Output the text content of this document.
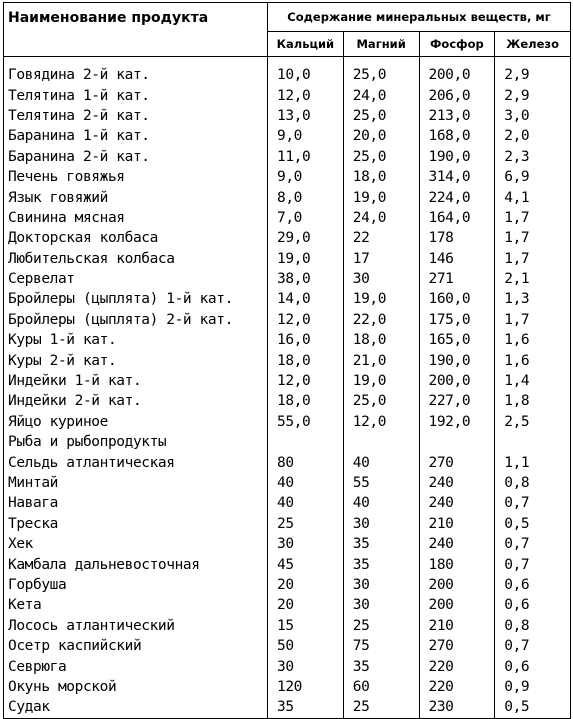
Наименование продукта	Содержание минеральных веществ, мг			
	Кальций	Магний	Фосфор	Железо
Говядина 2-й кат.	10,0	25,0	200,0	2,9
Телятина 1-й кат.	12,0	24,0	206,0	2,9
Телятина 2-й кат.	13,0	25,0	213,0	3,0
Баранина 1-й кат.	9,0	20,0	168,0	2,0
Баранина 2-й кат.	11,0	25,0	190,0	2,3
Печень говяжья	9,0	18,0	314,0	6,9
Язык говяжий	8,0	19,0	224,0	4,1
Свинина мясная	7,0	24,0	164,0	1,7
Докторская колбаса	29,0	22	178	1,7
Любительская колбаса	19,0	17	146	1,7
Сервелат	38,0	30	271	2,1
Бройлеры (цыплята) 1-й кат.	14,0	19,0	160,0	1,3
Бройлеры (цыплята) 2-й кат.	12,0	22,0	175,0	1,7
Куры 1-й кат.	16,0	18,0	165,0	1,6
Куры 2-й кат.	18,0	21,0	190,0	1,6
Индейки 1-й кат.	12,0	19,0	200,0	1,4
Индейки 2-й кат.	18,0	25,0	227,0	1,8
Яйцо куриное	55,0	12,0	192,0	2,5
Рыба и рыбопродукты				
Сельдь атлантическая	80	40	270	1,1
Минтай	40	55	240	0,8
Навага	40	40	240	0,7
Треска	25	30	210	0,5
Хек	30	35	240	0,7
Камбала дальневосточная	45	35	180	0,7
Горбуша	20	30	200	0,6
Кета	20	30	200	0,6
Лосось атлантический	15	25	210	0,8
Осетр каспийский	50	75	270	0,7
Севрюга	30	35	220	0,6
Окунь морской	120	60	220	0,9
Судак	35	25	230	0,5
